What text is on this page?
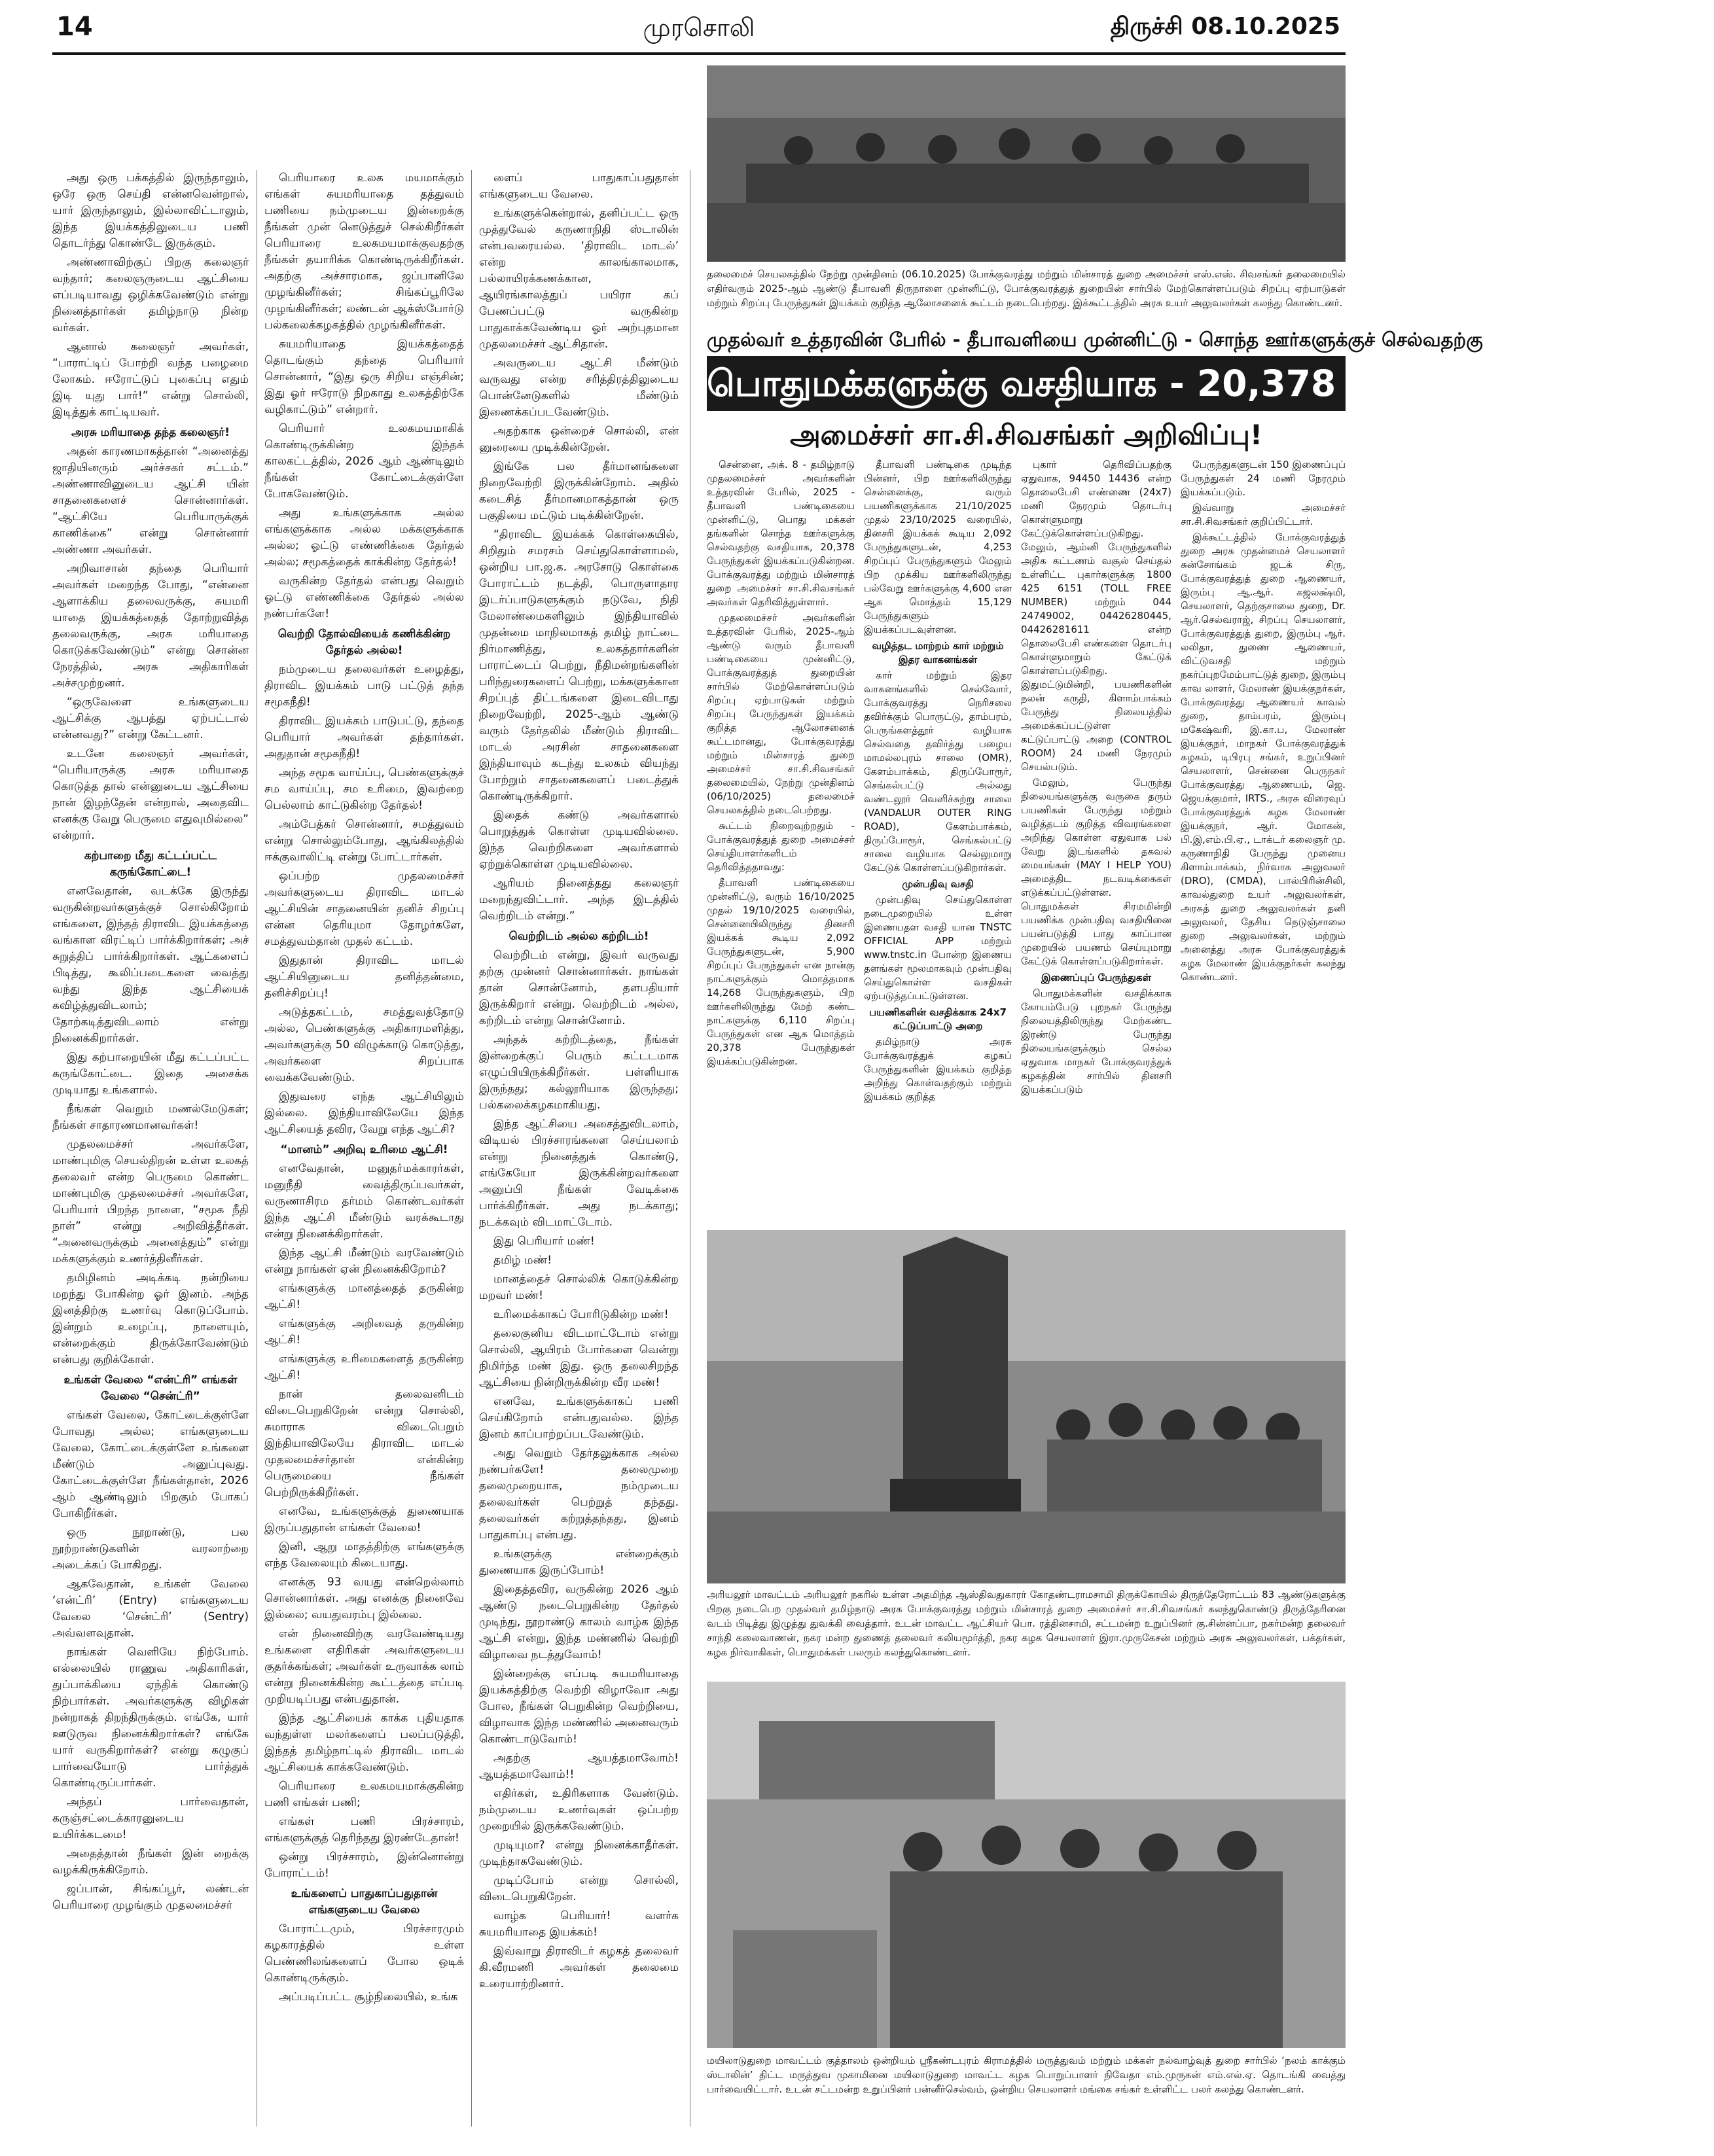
14	முரசொலி	திருச்சி 08.10.2025

அது ஒரு பக்கத்தில் இருந்தாலும், ஒரே ஒரு செய்தி என்னவென்றால், யார் இருந்தாலும், இல்லாவிட்டாலும், இந்த இயக்கத்திலுடைய பணி தொடர்ந்து கொண்டே இருக்கும்.

அண்ணாவிற்குப் பிறகு கலைஞர் வந்தார்; கலைஞருடைய ஆட்சியை எப்படியாவது ஒழிக்கவேண்டும் என்று நினைத்தார்கள் தமிழ்நாடு நின்ற வர்கள்.

ஆனால் கலைஞர் அவர்கள், “பாராட்டிப் போற்றி வந்த பழைமை லோகம். ஈரோட்டுப் புகைப்பு எதும் இடி யுது பார்!” என்று சொல்லி, இடித்துக் காட்டியவர்.

அரசு மரியாதை தந்த கலைஞர்!

அதன் காரணமாகத்தான் “அனைத்து ஜாதியினரும் அர்ச்சகர் சட்டம்.” அண்ணாவினுடைய ஆட்சி யின் சாதனைகளைச் சொன்னார்கள். “ஆட்சியே பெரியாருக்குக் காணிக்கை” என்று சொன்னார் அண்ணா அவர்கள்.

அறிவாசான் தந்தை பெரியார் அவர்கள் மறைந்த போது, “என்னை ஆளாக்கிய தலைவருக்கு, சுயமரி யாதை இயக்கத்தைத் தோற்றுவித்த தலைவருக்கு, அரசு மரியாதை கொடுக்கவேண்டும்” என்று சொன்ன நேரத்தில், அரசு அதிகாரிகள் அச்சமுற்றனர்.

“ஒருவேளை உங்களுடைய ஆட்சிக்கு ஆபத்து ஏற்பட்டால் என்னவது?” என்று கேட்டனர்.

உடனே கலைஞர் அவர்கள், “பெரியாருக்கு அரசு மரியாதை கொடுத்த தால் என்னுடைய ஆட்சியை நான் இழந்தேன் என்றால், அதைவிட எனக்கு வேறு பெருமை எதுவுமில்லை” என்றார்.

கற்பாறை மீது கட்டப்பட்ட கருங்கோட்டை!

எனவேதான், வடக்கே இருந்து வருகின்றவர்களுக்குச் சொல்கிறோம் எங்களை, இந்தத் திராவிட இயக்கத்தை வங்காள விரட்டிப் பார்க்கிறார்கள்; அச் சுறுத்திப் பார்க்கிறார்கள். ஆட்களைப் பிடித்து, கூலிப்படைகளை வைத்து வந்து இந்த ஆட்சியைக் கவிழ்த்துவிடலாம்; தோற்கடித்துவிடலாம் என்று நினைக்கிறார்கள்.

இது கற்பாறையின் மீது கட்டப்பட்ட கருங்கோட்டை. இதை அசைக்க முடியாது உங்களால்.

நீங்கள் வெறும் மணல்மேடுகள்; நீங்கள் சாதாரணமானவர்கள்!

முதலமைச்சர் அவர்களே, மாண்புமிகு செயல்திறன் உள்ள உலகத் தலைவர் என்ற பெருமை கொண்ட மாண்புமிகு முதலமைச்சர் அவர்களே, பெரியார் பிறந்த நாளை, “சமூக நீதி நாள்” என்று அறிவித்தீர்கள். “அனைவருக்கும் அனைத்தும்” என்று மக்களுக்கும் உணர்த்தினீர்கள்.

தமிழினம் அடிக்கடி நன்றியை மறந்து போகின்ற ஓர் இனம். அந்த இனத்திற்கு உணர்வு கொடுப்போம். இன்றும் உழைப்பு, நாளையும், என்றைக்கும் திருக்கோவேண்டும் என்பது குறிக்கோள்.

உங்கள் வேலை “என்ட்ரி” எங்கள் வேலை “சென்ட்ரி”

எங்கள் வேலை, கோட்டைக்குள்ளே போவது அல்ல; எங்களுடைய வேலை, கோட்டைக்குள்ளே உங்களை மீண்டும் அனுப்புவது. கோட்டைக்குள்ளே நீங்கள்தான், 2026 ஆம் ஆண்டிலும் பிறகும் போகப் போகிறீர்கள்.

ஒரு நூறாண்டு, பல நூற்றாண்டுகளின் வரலாற்றை அடைக்கப் போகிறது.

ஆகவேதான், உங்கள் வேலை ‘என்ட்ரி’ (Entry) எங்களுடைய வேலை ‘சென்ட்ரி’ (Sentry) அவ்வளவுதான்.

நாங்கள் வெளியே நிற்போம். எல்லையில் ராணுவ அதிகாரிகள், துப்பாக்கியை ஏந்திக் கொண்டு நிற்பார்கள். அவர்களுக்கு விழிகள் நன்றாகத் திறந்திருக்கும். எங்கே, யார் ஊடுருவ நினைக்கிறார்கள்? எங்கே யார் வருகிறார்கள்? என்று கழுகுப் பார்வையோடு பார்த்துக் கொண்டிருப்பார்கள்.

அந்தப் பார்வைதான், கருஞ்சட்டைக்காரனுடைய உயிர்க்கடமை!

அதைத்தான் நீங்கள் இன் றைக்கு வழக்கிருக்கிறோம்.

ஜப்பான், சிங்கப்பூர், லண்டன் பெரியாரை முழங்கும் முதலமைச்சர்

பெரியாரை உலக மயமாக்கும் எங்கள் சுயமரியாதை தத்துவம் பணியை நம்முடைய இன்றைக்கு நீங்கள் முன் னெடுத்துச் செல்கிறீர்கள் பெரியாரை உலகமயமாக்குவதற்கு நீங்கள் தயாரிக்க கொண்டிருக்கிறீர்கள். அதற்கு அச்சாரமாக, ஜப்பானிலே முழங்கினீர்கள்; சிங்கப்பூரிலே முழங்கினீர்கள்; லண்டன் ஆக்ஸ்போர்டு பல்கலைக்கழகத்தில் முழங்கினீர்கள்.

சுயமரியாதை இயக்கத்தைத் தொடங்கும் தந்தை பெரியார் சொன்னார், “இது ஒரு சிறிய எஞ்சின்; இது ஓர் ஈரோடு நிறகாது உலகத்திற்கே வழிகாட்டும்” என்றார்.

பெரியார் உலகமயமாகிக் கொண்டிருக்கின்ற இந்தக் காலகட்டத்தில், 2026 ஆம் ஆண்டிலும் நீங்கள் கோட்டைக்குள்ளே போகவேண்டும்.

அது உங்களுக்காக அல்ல எங்களுக்காக அல்ல மக்களுக்காக அல்ல; ஓட்டு எண்ணிக்கை தேர்தல் அல்ல; சமூகத்தைக் காக்கின்ற தேர்தல்!

வருகின்ற தேர்தல் என்பது வெறும் ஓட்டு எண்ணிக்கை தேர்தல் அல்ல நண்பர்களே!

வெற்றி தோல்வியைக் கணிக்கின்ற தேர்தல் அல்ல!

நம்முடைய தலைவர்கள் உழைத்து, திராவிட இயக்கம் பாடு பட்டுத் தந்த சமூகநீதி!

திராவிட இயக்கம் பாடுபட்டு, தந்தை பெரியார் அவர்கள் தந்தார்கள். அதுதான் சமூகநீதி!

அந்த சமூக வாய்ப்பு, பெண்களுக்குச் சம வாய்ப்பு, சம உரிமை, இவற்றை பெல்லாம் காட்டுகின்ற தேர்தல்!

அம்பேத்கர் சொன்னார், சமத்துவம் என்று சொல்லும்போது, ஆங்கிலத்தில் ஈக்குவாலிட்டி என்று போட்டார்கள்.

ஒப்பற்ற முதலமைச்சர் அவர்களுடைய திராவிட மாடல் ஆட்சியின் சாதனையின் தனிச் சிறப்பு என்ன தெரியுமா தோழர்களே, சமத்துவம்தான் முதல் கட்டம்.

இதுதான் திராவிட மாடல் ஆட்சியினுடைய தனித்தன்மை, தனிச்சிறப்பு!

அடுத்தகட்டம், சமத்துவத்தோடு அல்ல, பெண்களுக்கு அதிகாரமளித்து, அவர்களுக்கு 50 விழுக்காடு கொடுத்து, அவர்களை சிறப்பாக வைக்கவேண்டும்.

இதுவரை எந்த ஆட்சியிலும் இல்லை. இந்தியாவிலேயே இந்த ஆட்சியைத் தவிர, வேறு எந்த ஆட்சி?

“மானம்” அறிவு உரிமை ஆட்சி!

எனவேதான், மனுதர்மக்காரர்கள், மனுநீதி வைத்திருப்பவர்கள், வருணாசிரம தர்மம் கொண்டவர்கள் இந்த ஆட்சி மீண்டும் வரக்கூடாது என்று நினைக்கிறார்கள்.

இந்த ஆட்சி மீண்டும் வரவேண்டும் என்று நாங்கள் ஏன் நினைக்கிறோம்?

எங்களுக்கு மானத்தைத் தருகின்ற ஆட்சி!

எங்களுக்கு அறிவைத் தருகின்ற ஆட்சி!

எங்களுக்கு உரிமைகளைத் தருகின்ற ஆட்சி!

நான் தலைவனிடம் விடைபெறுகிறேன் என்று சொல்லி, சுமாராக விடைபெறும் இந்தியாவிலேயே திராவிட மாடல் முதலமைச்சர்தான் என்கின்ற பெருமையை நீங்கள் பெற்றிருக்கிறீர்கள்.

எனவே, உங்களுக்குத் துணையாக இருப்பதுதான் எங்கள் வேலை!

இனி, ஆறு மாதத்திற்கு எங்களுக்கு எந்த வேலையும் கிடையாது.

எனக்கு 93 வயது என்றெல்லாம் சொன்னார்கள். அது எனக்கு நினைவே இல்லை; வயதுவரம்பு இல்லை.

என் நினைவிற்கு வரவேண்டியது உங்களை எதிரிகள் அவர்களுடைய குதர்க்கங்கள்; அவர்கள் உருவாக்க லாம் என்று நினைக்கின்ற கூட்டத்தை எப்படி முறியடிப்பது என்பதுதான்.

இந்த ஆட்சியைக் காக்க புதியதாக வந்துள்ள மலர்களைப் பலப்படுத்தி, இந்தத் தமிழ்நாட்டில் திராவிட மாடல் ஆட்சியைக் காக்கவேண்டும்.

பெரியாரை உலகமயமாக்குகின்ற பணி எங்கள் பணி;

எங்கள் பணி பிரச்சாரம், எங்களுக்குத் தெரிந்தது இரண்டேதான்!

ஒன்று பிரச்சாரம், இன்னொன்று போராட்டம்!

உங்களைப் பாதுகாப்பதுதான் எங்களுடைய வேலை

போராட்டமும், பிரச்சாரமும் கழகாரத்தில் உள்ள பெண்ணிலங்களைப் போல ஒடிக் கொண்டிருக்கும்.

அப்படிப்பட்ட சூழ்நிலையில், உங்க

ளைப் பாதுகாப்பதுதான் எங்களுடைய வேலை.

உங்களுக்கென்றால், தனிப்பட்ட ஒரு முத்துவேல் கருணாநிதி ஸ்டாலின் என்பவரையல்ல. ‘திராவிட மாடல்’ என்ற காலங்காலமாக, பல்லாயிரக்கணக்கான, ஆயிரங்காலத்துப் பயிரா கப் பேணப்பட்டு வருகின்ற பாதுகாக்கவேண்டிய ஓர் அற்புதமான முதலமைச்சர் ஆட்சிதான்.

அவருடைய ஆட்சி மீண்டும் வருவது என்ற சரித்திரத்திலுடைய பொன்னேடுகளில் மீண்டும் இணைக்கப்படவேண்டும்.

அதற்காக ஒன்றைச் சொல்லி, என் னுரையை முடிக்கின்றேன்.

இங்கே பல தீர்மானங்களை நிறைவேற்றி இருக்கின்றோம். அதில் கடைசித் தீர்மானமாகத்தான் ஒரு பகுதியை மட்டும் படிக்கின்றேன்.

“திராவிட இயக்கக் கொள்கையில், சிறிதும் சமரசம் செய்துகொள்ளாமல், ஒன்றிய பா.ஜ.க. அரசோடு கொள்கை போராட்டம் நடத்தி, பொருளாதார இடர்ப்பாடுகளுக்கும் நடுவே, நிதி மேலாண்மைகளிலும் இந்தியாவில் முதன்மை மாநிலமாகத் தமிழ் நாட்டை நிர்மாணித்து, உலகத்தார்களின் பாராட்டைப் பெற்று, நீதிமன்றங்களின் பரிந்துரைகளைப் பெற்று, மக்களுக்கான சிறப்புத் திட்டங்களை இடைவிடாது நிறைவேற்றி, 2025-ஆம் ஆண்டு வரும் தேர்தலில் மீண்டும் திராவிட மாடல் அரசின் சாதனைகளை இந்தியாவும் கடந்து உலகம் வியந்து போற்றும் சாதனைகளைப் படைத்துக் கொண்டிருக்கிறார்.

இதைக் கண்டு அவர்களால் பொறுத்துக் கொள்ள முடியவில்லை. இந்த வெற்றிகளை அவர்களால் ஏற்றுக்கொள்ள முடியவில்லை.

ஆரியம் நினைத்தது கலைஞர் மறைந்துவிட்டார். அந்த இடத்தில் வெற்றிடம் என்று.”

வெற்றிடம் அல்ல கற்றிடம்!

வெற்றிடம் என்று, இவர் வருவது தற்கு முன்னர் சொன்னார்கள். நாங்கள் தான் சொன்னோம், தளபதியார் இருக்கிறார் என்று. வெற்றிடம் அல்ல, கற்றிடம் என்று சொன்னோம்.

அந்தக் கற்றிடத்தை, நீங்கள் இன்றைக்குப் பெரும் கட்டடமாக எழுப்பியிருக்கிறீர்கள். பள்ளியாக இருந்தது; கல்லூரியாக இருந்தது; பல்கலைக்கழகமாகியது.

இந்த ஆட்சியை அசைத்துவிடலாம், விடியல் பிரச்சாரங்களை செய்யலாம் என்று நினைத்துக் கொண்டு, எங்கேயோ இருக்கின்றவர்களை அனுப்பி நீங்கள் வேடிக்கை பார்க்கிறீர்கள். அது நடக்காது; நடக்கவும் விடமாட்டோம்.

இது பெரியார் மண்!

தமிழ் மண்!

மானத்தைச் சொல்லிக் கொடுக்கின்ற மறவர் மண்!

உரிமைக்காகப் போரிடுகின்ற மண்!

தலைகுனிய விடமாட்டோம் என்று சொல்லி, ஆயிரம் போர்களை வென்று நிமிர்ந்த மண் இது. ஒரு தலைசிறந்த ஆட்சியை நின்றிருக்கின்ற வீர மண்!

எனவே, உங்களுக்காகப் பணி செய்கிறோம் என்பதுவல்ல. இந்த இனம் காப்பாற்றப்படவேண்டும்.

அது வெறும் தேர்தலுக்காக அல்ல நண்பர்களே! தலைமுறை தலைமுறையாக, நம்முடைய தலைவர்கள் பெற்றுத் தந்தது. தலைவர்கள் கற்றுத்தந்தது, இனம் பாதுகாப்பு என்பது.

உங்களுக்கு என்றைக்கும் துணையாக இருப்போம்!

இதைத்தவிர, வருகின்ற 2026 ஆம் ஆண்டு நடைபெறுகின்ற தேர்தல் முடிந்து, நூறாண்டு காலம் வாழ்க இந்த ஆட்சி என்று, இந்த மண்ணில் வெற்றி விழாவை நடத்துவோம்!

இன்றைக்கு எப்படி சுயமரியாதை இயக்கத்திற்கு வெற்றி விழாவோ அது போல, நீங்கள் பெறுகின்ற வெற்றியை, விழாவாக இந்த மண்ணில் அனைவரும் கொண்டாடுவோம்!

அதற்கு ஆயத்தமாவோம்! ஆயத்தமாவோம்!!

எதிர்கள், உதிரிகளாக வேண்டும். நம்முடைய உணர்வுகள் ஒப்பற்ற முறையில் இருக்கவேண்டும்.

முடியுமா? என்று நினைக்காதீர்கள். முடிந்தாகவேண்டும்.

முடிப்போம் என்று சொல்லி, விடைபெறுகிறேன்.

வாழ்க பெரியார்! வளர்க சுயமரியாதை இயக்கம்!

இவ்வாறு திராவிடர் கழகத் தலைவர் கி.வீரமணி அவர்கள் தலைமை உரையாற்றினார்.

தலைமைச் செயலகத்தில் நேற்று முன்தினம் (06.10.2025) போக்குவரத்து மற்றும் மின்சாரத் துறை அமைச்சர் எஸ்.எஸ். சிவசங்கர் தலைமையில் எதிர்வரும் 2025-ஆம் ஆண்டு தீபாவளி திருநாளை முன்னிட்டு, போக்குவரத்துத் துறையின் சார்பில் மேற்கொள்ளப்படும் சிறப்பு ஏற்பாடுகள் மற்றும் சிறப்பு பேருந்துகள் இயக்கம் குறித்த ஆலோசனைக் கூட்டம் நடைபெற்றது. இக்கூட்டத்தில் அரசு உயர் அலுவலர்கள் கலந்து கொண்டனர்.
முதல்வர் உத்தரவின் பேரில் - தீபாவளியை முன்னிட்டு - சொந்த ஊர்களுக்குச் செல்வதற்கு
பொதுமக்களுக்கு வசதியாக - 20,378 பேருந்துகள் இயக்கம்!
அமைச்சர் சா.சி.சிவசங்கர் அறிவிப்பு!

சென்னை, அக். 8 - தமிழ்நாடு முதலமைச்சர் அவர்களின் உத்தரவின் பேரில், 2025 - தீபாவளி பண்டிகையை முன்னிட்டு, பொது மக்கள் தங்களின் சொந்த ஊர்களுக்கு செல்வதற்கு வசதியாக, 20,378 பேருந்துகள் இயக்கப்படுகின்றன. போக்குவரத்து மற்றும் மின்சாரத் துறை அமைச்சர் சா.சி.சிவசங்கர் அவர்கள் தெரிவித்துள்ளார்.

முதலமைச்சர் அவர்களின் உத்தரவின் பேரில், 2025-ஆம் ஆண்டு வரும் தீபாவளி பண்டிகையை முன்னிட்டு, போக்குவரத்துத் துறையின் சார்பில் மேற்கொள்ளப்படும் சிறப்பு ஏற்பாடுகள் மற்றும் சிறப்பு பேருந்துகள் இயக்கம் குறித்த ஆலோசனைக் கூட்டமானது, போக்குவரத்து மற்றும் மின்சாரத் துறை அமைச்சர் சா.சி.சிவசங்கர் தலைமையில், நேற்று முன்தினம் (06/10/2025) தலைமைச் செயலகத்தில் நடைபெற்றது.

கூட்டம் நிறைவுற்றதும் - போக்குவரத்துத் துறை அமைச்சர் செய்தியாளர்களிடம் தெரிவித்ததாவது:

தீபாவளி பண்டிகையை முன்னிட்டு, வரும் 16/10/2025 முதல் 19/10/2025 வரையில், சென்னையிலிருந்து தினசரி இயக்கக் கூடிய 2,092 பேருந்துகளுடன், 5,900 சிறப்புப் பேருந்துகள் என நான்கு நாட்களுக்கும் மொத்தமாக 14,268 பேருந்துகளும், பிற ஊர்களிலிருந்து மேற் கண்ட நாட்களுக்கு 6,110 சிறப்பு பேருந்துகள் என ஆக மொத்தம் 20,378 பேருந்துகள் இயக்கப்படுகின்றன.

தீபாவளி பண்டிகை முடிந்த பின்னர், பிற ஊர்களிலிருந்து சென்னைக்கு, வரும் பயணிகளுக்காக 21/10/2025 முதல் 23/10/2025 வரையில், தினசரி இயக்கக் கூடிய 2,092 பேருந்துகளுடன், 4,253 சிறப்புப் பேருந்துகளும் மேலும் பிற முக்கிய ஊர்களிலிருந்து பல்வேறு ஊர்களுக்கு 4,600 என ஆக மொத்தம் 15,129 பேருந்துகளும் இயக்கப்படவுள்ளன.

வழித்தட மாற்றம் கார் மற்றும் இதர வாகனங்கள்

கார் மற்றும் இதர வாகனங்களில் செல்வோர், போக்குவரத்து நெரிசலை தவிர்க்கும் பொருட்டு, தாம்பரம், பெருங்களத்தூர் வழியாக செல்வதை தவிர்த்து பழைய மாமல்லபுரம் சாலை (OMR), கேளம்பாக்கம், திருப்போரூர், செங்கல்பட்டு அல்லது வண்டலூர் வெளிச்சுற்று சாலை (VANDALUR OUTER RING ROAD), கேளம்பாக்கம், திருப்போரூர், செங்கல்பட்டு சாலை வழியாக செல்லுமாறு கேட்டுக் கொள்ளப்படுகிறார்கள்.

முன்பதிவு வசதி

முன்பதிவு செய்துகொள்ள நடைமுறையில் உள்ள இணையதள வசதி யான TNSTC OFFICIAL APP மற்றும் www.tnstc.in போன்ற இணைய தளங்கள் மூலமாகவும் முன்பதிவு செய்துகொள்ள வசதிகள் ஏற்படுத்தப்பட்டுள்ளன.

பயணிகளின் வசதிக்காக 24x7 கட்டுப்பாட்டு அறை

தமிழ்நாடு அரசு போக்குவரத்துக் கழகப் பேருந்துகளின் இயக்கம் குறித்த அறிந்து கொள்வதற்கும் மற்றும் இயக்கம் குறித்த

புகார் தெரிவிப்பதற்கு ஏதுவாக, 94450 14436 என்ற தொலைபேசி எண்ணை (24x7) மணி நேரமும் தொடர்பு கொள்ளுமாறு கேட்டுக்கொள்ளப்படுகிறது. மேலும், ஆம்னி பேருந்துகளில் அதிக கட்டணம் வசூல் செய்தல் உள்ளிட்ட புகார்களுக்கு 1800 425 6151 (TOLL FREE NUMBER) மற்றும் 044 24749002, 04426280445, 04426281611 என்ற தொலைபேசி எண்களை தொடர்பு கொள்ளுமாறும் கேட்டுக் கொள்ளப்படுகிறது. இதுமட்டுமின்றி, பயணிகளின் நலன் கருதி, கிளாம்பாக்கம் பேருந்து நிலையத்தில் அமைக்கப்பட்டுள்ள கட்டுப்பாட்டு அறை (CONTROL ROOM) 24 மணி நேரமும் செயல்படும்.

மேலும், பேருந்து நிலையங்களுக்கு வருகை தரும் பயணிகள் பேருந்து மற்றும் வழித்தடம் குறித்த விவரங்களை அறிந்து கொள்ள ஏதுவாக பல் வேறு இடங்களில் தகவல் மையங்கள் (MAY I HELP YOU) அமைத்திட நடவடிக்கைகள் எடுக்கப்பட்டுள்ளன. பொதுமக்கள் சிரமமின்றி பயணிக்க முன்பதிவு வசதியினை பயன்படுத்தி பாது காப்பான முறையில் பயணம் செய்யுமாறு கேட்டுக் கொள்ளப்படுகிறார்கள்.

இணைப்புப் பேருந்துகள்

பொதுமக்களின் வசதிக்காக கோயம்பேடு புறநகர் பேருந்து நிலையத்திலிருந்து மேற்கண்ட இரண்டு பேருந்து நிலையங்களுக்கும் செல்ல ஏதுவாக மாநகர் போக்குவரத்துக் கழகத்தின் சார்பில் தினசரி இயக்கப்படும்

பேருந்துகளுடன் 150 இணைப்புப் பேருந்துகள் 24 மணி நேரமும் இயக்கப்படும்.

இவ்வாறு அமைச்சர் சா.சி.சிவசங்கர் குறிப்பிட்டார்.

இக்கூட்டத்தில் போக்குவரத்துத் துறை அரசு முதன்மைச் செயலாளர் சுன்சோங்கம் ஜடக் சிரு, போக்குவரத்துத் துறை ஆணையர், இரும்பு ஆ.ஆர். கஜலக்ஷ்மி, செயலாளர், தெற்குசாலை துறை, Dr. ஆர்.செல்வராஜ், சிறப்பு செயலாளர், போக்குவரத்துத் துறை, இரும்பு ஆர். லலிதா, துணை ஆணையர், விட்டுவசதி மற்றும் நகர்ப்புறமேம்பாட்டுத் துறை, இரும்பு காவ லாளர், மேலாண் இயக்குநர்கள், போக்குவரத்து ஆணையர் காவல் துறை, தாம்பரம், இரும்பு மகேஷ்வரி, இ.கா.ப, மேலாண் இயக்குநர், மாநகர் போக்குவரத்துக் கழகம், டிபிரபு சங்கர், உறுப்பினர் செயலாளர், சென்னை பெருநகர் போக்குவரத்து ஆணையம், ஜெ. ஜெயக்குமார், IRTS., அரசு விரைவுப் போக்குவரத்துக் கழக மேலாண் இயக்குநர், ஆர். மோகன், பி.இ,எம்.பி.ஏ., டாக்டர் கலைஞர் மு. கருணாநிதி பேருந்து முனைய கிளாம்பாக்கம், நிர்வாக அலுவலர் (DRO), (CMDA), பால்பிரின்சிலி, காவல்துறை உயர் அலுவலர்கள், அரசுத் துறை அலுவலர்கள் தனி அலுவலர், தேசிய நெடுஞ்சாலை துறை அலுவலர்கள், மற்றும் அனைத்து அரசு போக்குவரத்துக் கழக மேலாண் இயக்குநர்கள் கலந்து கொண்டனர்.

அரியலூர் மாவட்டம் அரியலூர் நகரில் உள்ள அதமிந்த ஆஸ்திவதுகாரர் கோதண்டராமசாமி திருக்கோயில் திருந்தேரோட்டம் 83 ஆண்டுகளுக்கு பிறகு நடைபெற முதல்வர் தமிழ்நாடு அரசு போக்குவரத்து மற்றும் மின்சாரத் துறை அமைச்சர் சா.சி.சிவசங்கர் கலந்துகொண்டு திருத்தேரினை வடம் பிடித்து இழுத்து துவக்கி வைத்தார். உடன் மாவட்ட ஆட்சியர் பொ. ரத்தினசாமி, சட்டமன்ற உறுப்பினர் கு.சின்னப்பா, நகர்மன்ற தலைவர் சாந்தி கலைவாணன், நகர மன்ற துணைத் தலைவர் கலியமூர்த்தி, நகர கழக செயலாளர் இரா.முருகேசன் மற்றும் அரசு அலுவலர்கள், பக்தர்கள், கழக நிர்வாகிகள், பொதுமக்கள் பலரும் கலந்துகொண்டனர்.
மயிலாடுதுறை மாவட்டம் குத்தாலம் ஒன்றியம் ஸ்ரீகண்டபுரம் கிராமத்தில் மருத்துவம் மற்றும் மக்கள் நல்வாழ்வுத் துறை சார்பில் ‘நலம் காக்கும் ஸ்டாலின்’ திட்ட மருத்துவ முகாமினை மயிலாடுதுறை மாவட்ட கழக பொறுப்பாளர் நிவேதா எம்.முருகன் எம்.எல்.ஏ. தொடங்கி வைத்து பார்வையிட்டார். உடன் சட்டமன்ற உறுப்பினர் பன்னீர்செல்வம், ஒன்றிய செயலாளர் மங்கை சங்கர் உள்ளிட்ட பலர் கலந்து கொண்டனர்.
